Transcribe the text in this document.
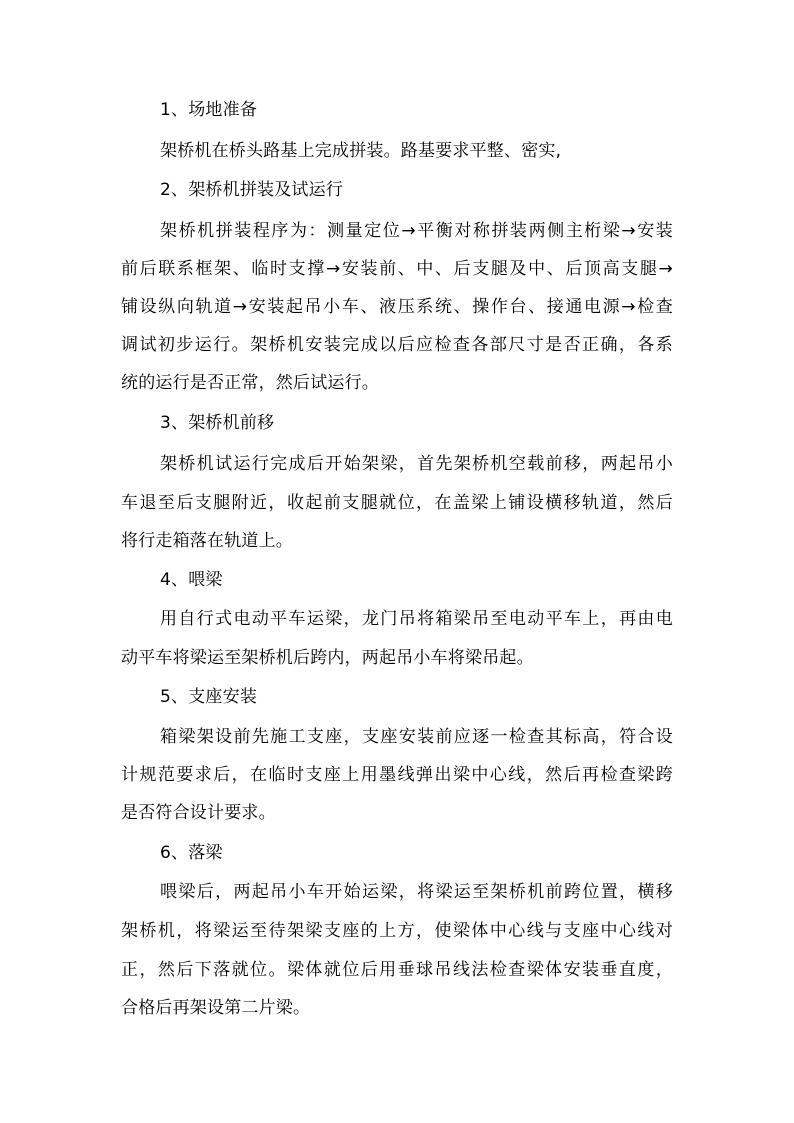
1、场地准备
架桥机在桥头路基上完成拼装。路基要求平整、密实,
2、架桥机拼装及试运行
架桥机拼装程序为：测量定位→平衡对称拼装两侧主桁梁→安装
前后联系框架、临时支撑→安装前、中、后支腿及中、后顶高支腿→
铺设纵向轨道→安装起吊小车、液压系统、操作台、接通电源→检查
调试初步运行。架桥机安装完成以后应检查各部尺寸是否正确，各系
统的运行是否正常，然后试运行。
3、架桥机前移
架桥机试运行完成后开始架梁，首先架桥机空载前移，两起吊小
车退至后支腿附近，收起前支腿就位，在盖梁上铺设横移轨道，然后
将行走箱落在轨道上。
4、喂梁
用自行式电动平车运梁，龙门吊将箱梁吊至电动平车上，再由电
动平车将梁运至架桥机后跨内，两起吊小车将梁吊起。
5、支座安装
箱梁架设前先施工支座，支座安装前应逐一检查其标高，符合设
计规范要求后，在临时支座上用墨线弹出梁中心线，然后再检查梁跨
是否符合设计要求。
6、落梁
喂梁后，两起吊小车开始运梁，将梁运至架桥机前跨位置，横移
架桥机，将梁运至待架梁支座的上方，使梁体中心线与支座中心线对
正，然后下落就位。梁体就位后用垂球吊线法检查梁体安装垂直度，
合格后再架设第二片梁。
